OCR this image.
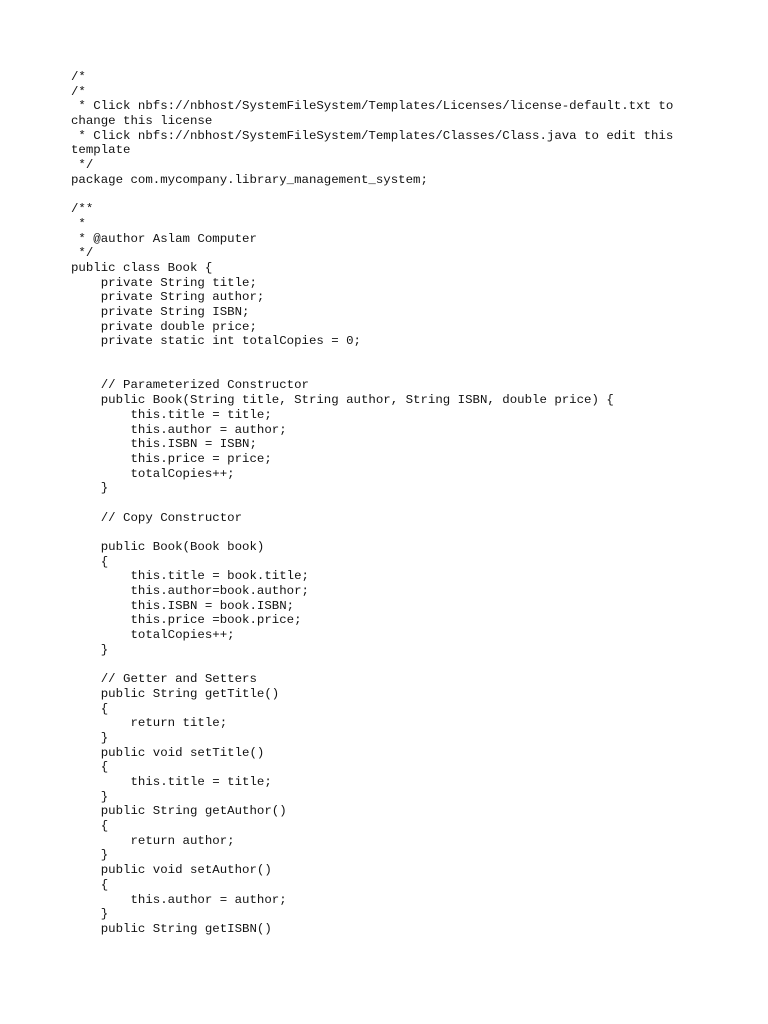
/*
/*
* Click nbfs://nbhost/SystemFileSystem/Templates/Licenses/license-default.txt to
change this license
* Click nbfs://nbhost/SystemFileSystem/Templates/Classes/Class.java to edit this
template
*/
package com.mycompany.library_management_system;
/**
*
* @author Aslam Computer
*/
public class Book {
private String title;
private String author;
private String ISBN;
private double price;
private static int totalCopies = 0;
// Parameterized Constructor
public Book(String title, String author, String ISBN, double price) {
this.title = title;
this.author = author;
this.ISBN = ISBN;
this.price = price;
totalCopies++;
}
// Copy Constructor
public Book(Book book)
{
this.title = book.title;
this.author=book.author;
this.ISBN = book.ISBN;
this.price =book.price;
totalCopies++;
}
// Getter and Setters
public String getTitle()
{
return title;
}
public void setTitle()
{
this.title = title;
}
public String getAuthor()
{
return author;
}
public void setAuthor()
{
this.author = author;
}
public String getISBN()
